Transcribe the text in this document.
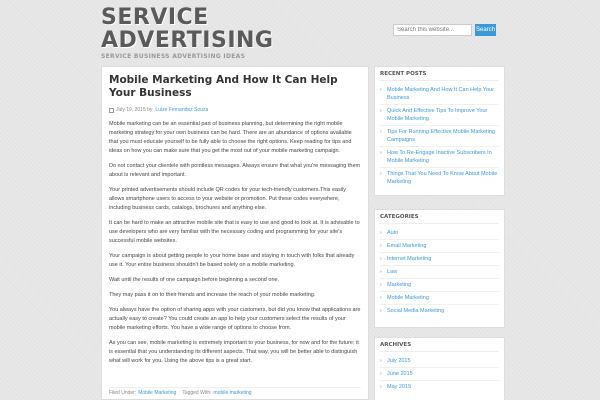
SERVICE ADVERTISING
SERVICE BUSINESS ADVERTISING IDEAS
Search this website...
Search
Mobile Marketing And How It Can Help Your Business
July 19, 2015 by Luize Fernandez Souza

Mobile marketing can be an essential part of business planning, but determining the right mobile marketing strategy for your own business can be hard. There are an abundance of options available that you must educate yourself to be fully able to choose the right options. Keep reading for tips and ideas on how you can make sure that you get the most out of your mobile marketing campaign.

Do not contact your clientele with pointless messages. Always ensure that what you're messaging them about is relevant and important.

Your printed advertisements should include QR codes for your tech-friendly customers.This easily allows smartphone users to access to your website or promotion. Put these codes everywhere, including business cards, catalogs, brochures and anything else.

It can be hard to make an attractive mobile site that is easy to use and good to look at. It is advisable to use developers who are very familiar with the necessary coding and programming for your site's successful mobile websites.

Your campaign is about getting people to your home base and staying in touch with folks that already use it. Your entire business shouldn't be based solely on a mobile marketing.

Wait until the results of one campaign before beginning a second one.

They may pass it on to their friends and increase the reach of your mobile marketing.

You always have the option of sharing apps with your customers, but did you know that applications are actually easy to create? You could create an app to help your customers select the results of your mobile marketing efforts. You have a wide range of options to choose from.

As you can see, mobile marketing is extremely important to your business, for now and for the future; it is essential that you understanding its different aspects. That way, you will be better able to distinguish what will work for you. Using the above tips is a great start.

Filed Under: Mobile Marketing Tagged With: mobile marketing
RECENT POSTS
› Mobile Marketing And How It Can Help Your Business
› Quick And Effective Tips To Improve Your Mobile Marketing
› Tips For Running Effective Mobile Marketing Campaigns
› How To Re-Engage Inactive Subscribers In Mobile Marketing
› Things That You Need To Know About Mobile Marketing
CATEGORIES
› Auto
› Email Marketing
› Internet Marketing
› Law
› Marketing
› Mobile Marketing
› Social Media Marketing
ARCHIVES
› July 2015
› June 2015
› May 2015
